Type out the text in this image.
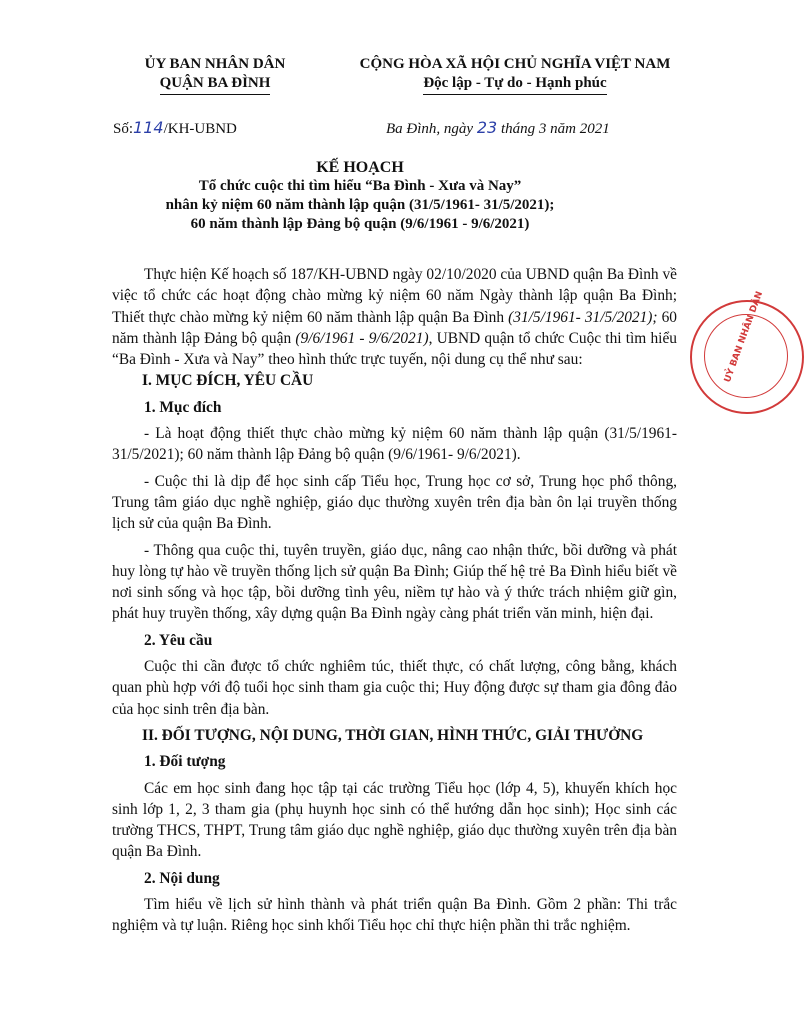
ỦY BAN NHÂN DÂN
QUẬN BA ĐÌNH
CỘNG HÒA XÃ HỘI CHỦ NGHĨA VIỆT NAM
Độc lập - Tự do - Hạnh phúc
Số:114/KH-UBND	Ba Đình, ngày 23 tháng 3 năm 2021
KẾ HOẠCH
Tổ chức cuộc thi tìm hiểu “Ba Đình - Xưa và Nay”
nhân kỷ niệm 60 năm thành lập quận (31/5/1961- 31/5/2021);
60 năm thành lập Đảng bộ quận (9/6/1961 - 9/6/2021)
UỶ BAN NHÂN DÂN

Thực hiện Kế hoạch số 187/KH-UBND ngày 02/10/2020 của UBND quận Ba Đình về việc tổ chức các hoạt động chào mừng kỷ niệm 60 năm Ngày thành lập quận Ba Đình; Thiết thực chào mừng kỷ niệm 60 năm thành lập quận Ba Đình (31/5/1961- 31/5/2021); 60 năm thành lập Đảng bộ quận (9/6/1961 - 9/6/2021), UBND quận tổ chức Cuộc thi tìm hiểu “Ba Đình - Xưa và Nay” theo hình thức trực tuyến, nội dung cụ thể như sau:

I. MỤC ĐÍCH, YÊU CẦU

1. Mục đích

- Là hoạt động thiết thực chào mừng kỷ niệm 60 năm thành lập quận (31/5/1961-31/5/2021); 60 năm thành lập Đảng bộ quận (9/6/1961- 9/6/2021).

- Cuộc thi là dịp để học sinh cấp Tiểu học, Trung học cơ sở, Trung học phổ thông, Trung tâm giáo dục nghề nghiệp, giáo dục thường xuyên trên địa bàn ôn lại truyền thống lịch sử của quận Ba Đình.

- Thông qua cuộc thi, tuyên truyền, giáo dục, nâng cao nhận thức, bồi dưỡng và phát huy lòng tự hào về truyền thống lịch sử quận Ba Đình; Giúp thế hệ trẻ Ba Đình hiểu biết về nơi sinh sống và học tập, bồi dưỡng tình yêu, niềm tự hào và ý thức trách nhiệm giữ gìn, phát huy truyền thống, xây dựng quận Ba Đình ngày càng phát triển văn minh, hiện đại.

2. Yêu cầu

Cuộc thi cần được tổ chức nghiêm túc, thiết thực, có chất lượng, công bằng, khách quan phù hợp với độ tuổi học sinh tham gia cuộc thi; Huy động được sự tham gia đông đảo của học sinh trên địa bàn.

II. ĐỐI TƯỢNG, NỘI DUNG, THỜI GIAN, HÌNH THỨC, GIẢI THƯỞNG

1. Đối tượng

Các em học sinh đang học tập tại các trường Tiểu học (lớp 4, 5), khuyến khích học sinh lớp 1, 2, 3 tham gia (phụ huynh học sinh có thể hướng dẫn học sinh); Học sinh các trường THCS, THPT, Trung tâm giáo dục nghề nghiệp, giáo dục thường xuyên trên địa bàn quận Ba Đình.

2. Nội dung

Tìm hiểu về lịch sử hình thành và phát triển quận Ba Đình. Gồm 2 phần: Thi trắc nghiệm và tự luận. Riêng học sinh khối Tiểu học chỉ thực hiện phần thi trắc nghiệm.
